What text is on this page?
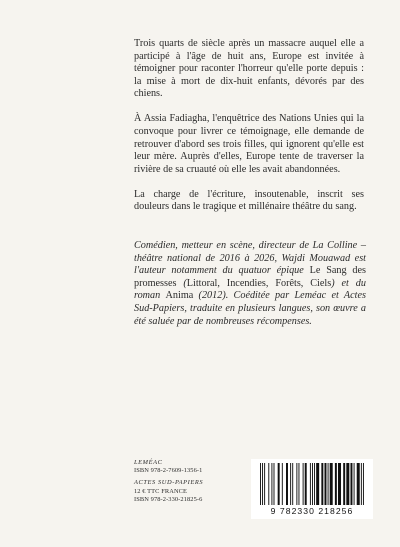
Trois quarts de siècle après un massacre auquel elle a participé à l'âge de huit ans, Europe est invitée à témoigner pour raconter l'horreur qu'elle porte depuis : la mise à mort de dix-huit enfants, dévorés par des chiens.

À Assia Fadiagha, l'enquêtrice des Nations Unies qui la convoque pour livrer ce témoignage, elle demande de retrouver d'abord ses trois filles, qui ignorent qu'elle est leur mère. Auprès d'elles, Europe tente de traverser la rivière de sa cruauté où elle les avait abandonnées.

La charge de l'écriture, insoutenable, inscrit ses douleurs dans le tragique et millénaire théâtre du sang.

Comédien, metteur en scène, directeur de La Colline – théâtre national de 2016 à 2026, Wajdi Mouawad est l'auteur notamment du quatuor épique Le Sang des promesses (Littoral, Incendies, Forêts, Ciels) et du roman Anima (2012). Coéditée par Leméac et Actes Sud-Papiers, traduite en plusieurs langues, son œuvre a été saluée par de nombreuses récompenses.
LEMÉAC
ISBN 978-2-7609-1356-1
ACTES SUD-PAPIERS
12 € TTC FRANCE
ISBN 978-2-330-21825-6
9 782330 218256
